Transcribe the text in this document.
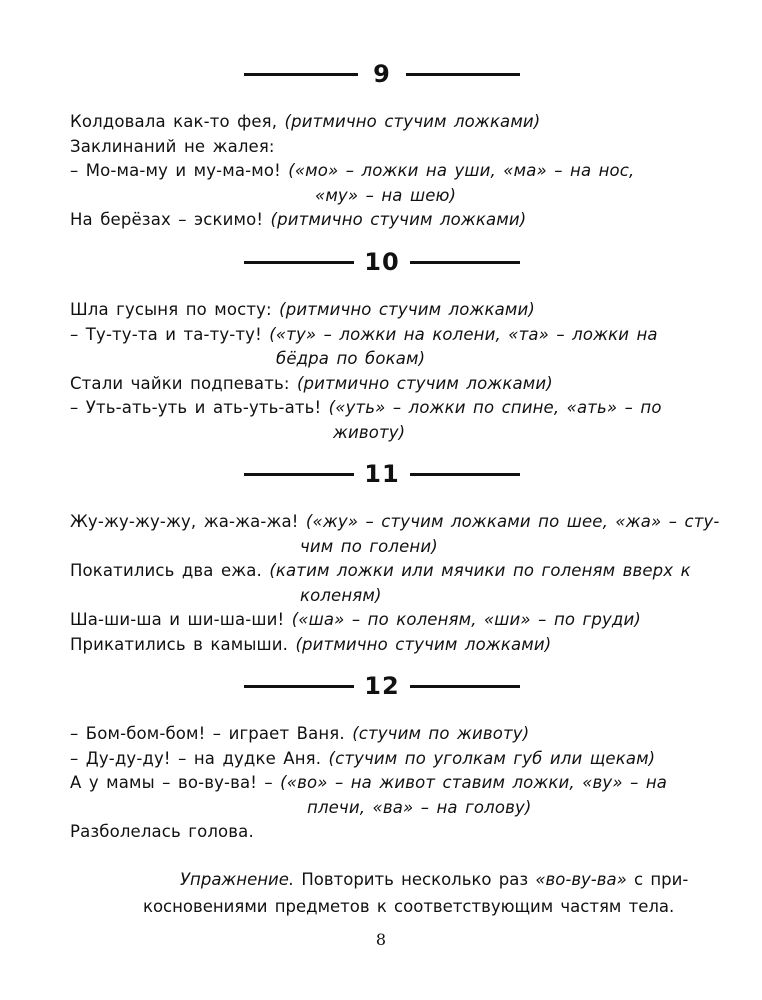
9
Колдовала как-то фея, (ритмично стучим ложками)
Заклинаний не жалея:
– Мо-ма-му и му-ма-мо! («мо» – ложки на уши, «ма» – на нос,
«му» – на шею)
На берёзах – эскимо! (ритмично стучим ложками)
10
Шла гусыня по мосту: (ритмично стучим ложками)
– Ту-ту-та и та-ту-ту! («ту» – ложки на колени, «та» – ложки на
бёдра по бокам)
Стали чайки подпевать: (ритмично стучим ложками)
– Уть-ать-уть и ать-уть-ать! («уть» – ложки по спине, «ать» – по
животу)
11
Жу-жу-жу-жу, жа-жа-жа! («жу» – стучим ложками по шее, «жа» – сту-
чим по голени)
Покатились два ежа. (катим ложки или мячики по голеням вверх к
коленям)
Ша-ши-ша и ши-ша-ши! («ша» – по коленям, «ши» – по груди)
Прикатились в камыши. (ритмично стучим ложками)
12
– Бом-бом-бом! – играет Ваня. (стучим по животу)
– Ду-ду-ду! – на дудке Аня. (стучим по уголкам губ или щекам)
А у мамы – во-ву-ва! – («во» – на живот ставим ложки, «ву» – на
плечи, «ва» – на голову)
Разболелась голова.
Упражнение. Повторить несколько раз «во-ву-ва» с при-
косновениями предметов к соответствующим частям тела.
8
